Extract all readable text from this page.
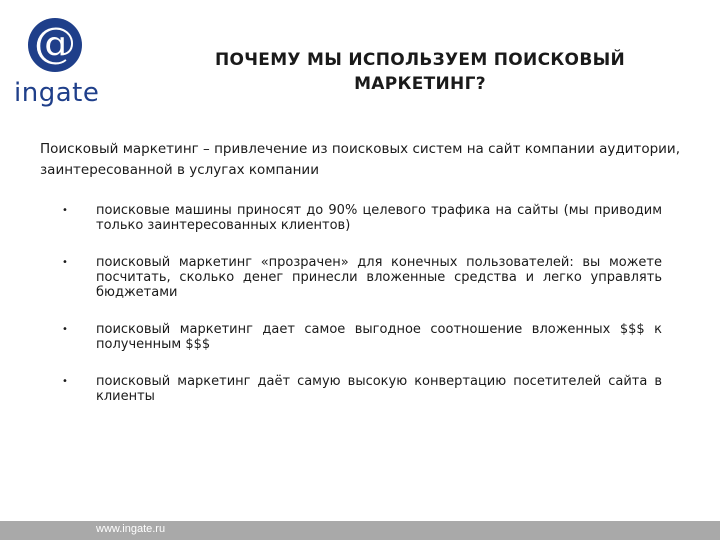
@
ingate
ПОЧЕМУ МЫ ИСПОЛЬЗУЕМ ПОИСКОВЫЙ МАРКЕТИНГ?
Поисковый маркетинг – привлечение из поисковых систем на сайт компании аудитории, заинтересованной в услугах компании
•	поисковые машины приносят до 90% целевого трафика на сайты (мы приводим только заинтересованных клиентов)
•	поисковый маркетинг «прозрачен» для конечных пользователей: вы можете посчитать, сколько денег принесли вложенные средства и легко управлять бюджетами
•	поисковый маркетинг дает самое выгодное соотношение вложенных $$$ к полученным $$$
•	поисковый маркетинг даёт самую высокую конвертацию посетителей сайта в клиенты
www.ingate.ru
